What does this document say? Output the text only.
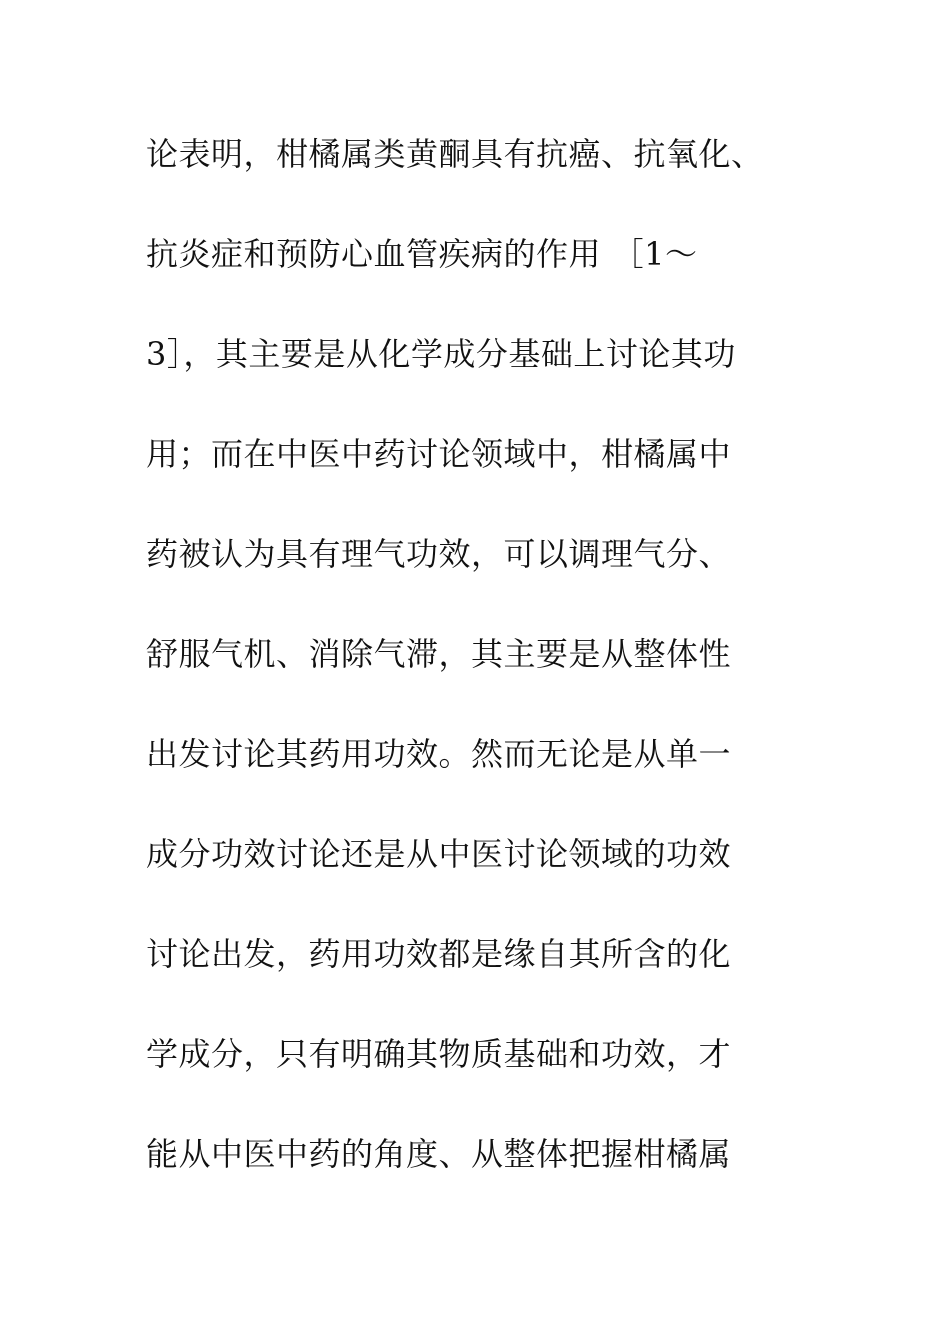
论表明，柑橘属类黄酮具有抗癌、抗氧化、
抗炎症和预防心血管疾病的作用 ［1～
3］，其主要是从化学成分基础上讨论其功
用；而在中医中药讨论领域中，柑橘属中
药被认为具有理气功效，可以调理气分、
舒服气机、消除气滞，其主要是从整体性
出发讨论其药用功效。然而无论是从单一
成分功效讨论还是从中医讨论领域的功效
讨论出发，药用功效都是缘自其所含的化
学成分，只有明确其物质基础和功效，才
能从中医中药的角度、从整体把握柑橘属
